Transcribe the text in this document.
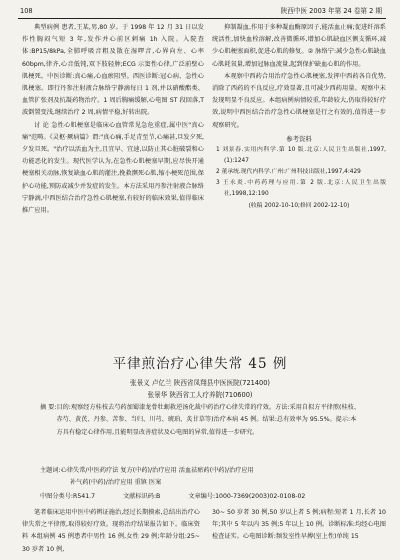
108	陕西中医 2003 年第 24 卷第 2 期

典型病例 患者,王某,男,80 岁。于 1998 年 12 月 31 日以发作性胸闷气短 3 年,发作并心前区刺痛 1h 入院。入院查体:BP15/8kPa,全肺呼吸音粗及散在湿啰音,心界向左、心率 60bpm,律齐,心音低钝,双下肢轻肿;ECG 示窦性心律,广泛前壁心肌梗死。中医诊断:真心痛,心血瘀阻型。西医诊断:冠心病、急性心肌梗塞。即行丹参注射液合脉络宁静滴每日 1 剂,并以硝酸酯类、血管扩张剂及抗凝药物治疗。1 周后胸痛缓解,心电图 ST 段回落,T 波倒置变浅,继续治疗 2 周,病情平稳,好转出院。

讨 论 急性心肌梗塞是临床心血管常见急危重症,属中医"真心痛"范畴。《灵枢·厥病篇》谓:"真心痛,手足青至节,心痛甚,旦发夕死,夕发旦死。"治疗以活血为主,且宜早、宜速,以防止其心脏破裂和心功能恶化的发生。现代医学认为,在急性心肌梗塞早期,应尽快开通梗塞相关动脉,恢复缺血心肌的灌注,挽救濒死心肌,缩小梗死范围,保护心功能,预防或减少并发症的发生。本方法采用丹参注射液合脉络宁静滴,中西医结合治疗急性心肌梗塞,有较好的临床效果,值得临床推广应用。

抑制凝血,作用于多种凝血酶原因子,能活血止痛;促进纤溶系统活性,加快血栓溶解,改善微循环,增加心肌缺血区侧支循环,减少心肌梗塞面积,促进心肌的修复。② 脉络宁:减少急性心肌缺血心肌耗氧量,增加冠脉血流量,起到保护缺血心肌的作用。

本观察中西药合用治疗急性心肌梗塞,发挥中西药各自优势,消除了西药的不良反应,疗效显著,且可减少西药用量。观察中未发现明显不良反应。本组病例病情较重,年龄较大,仍取得较好疗效,说明中西医结合治疗急性心肌梗塞是行之有效的,值得进一步观察研究。

参考资料
1 刘景春.实用内科学.第 10 版.北京:人民卫生出版社,1997,(1):1247
2 董承统.现代内科学.广州:广州科技出版社,1997,4:429
3 王永炎.中药药理与应用.第 2 版.北京:人民卫生出版社,1998,12:190
(收稿 2002-10-10;修回 2002-12-10)
平律煎治疗心律失常 45 例
张景义 卢亿兰 陕西省凤翔县中医医院(721400)
张景华 陕西省工人疗养院(710600)
摘 要: 目的:观察经方桂枝去芍药加蜀漆龙骨牡蛎救逆汤化裁中药治疗心律失常的疗效。方法:采用自拟方平律煎(桂枝、赤芍、黄芪、丹参、苦参、当归、川芎、琥珀、炙甘草等)治疗本病 45 例。结果:总有效率为 95.5%。提示:本方具有稳定心律作用,且能明显改善症状及心电图的异常,值得进一步研究。
主题词: 心律失常/中医药疗法 复方(中药)/治疗应用 活血祛瘀药(中药)/治疗应用
补气药(中药)/治疗应用 重镇 医案
中图分类号:R541.7	文献标识码:B	文章编号:1000-7369(2003)02-0108-02

笔者临床运用中医中药辨证施治,经过长期摸索,总结出治疗心律失常之平律煎,取得较好疗效。现将治疗结果报告如下。临床资料 本组病例 45 例患者中男性 16 例,女性 29 例;年龄分组:25~ 30 岁者 10 例,

30~ 50 岁者 30 例,50 岁以上者 5 例;病程:短者 1 月,长者 10 年;其中 5 年以内 35 例;5 年以上 10 例。诊断标准:均经心电图检查证实。心电图诊断:频发室性早搏(室上性)单纯 15
